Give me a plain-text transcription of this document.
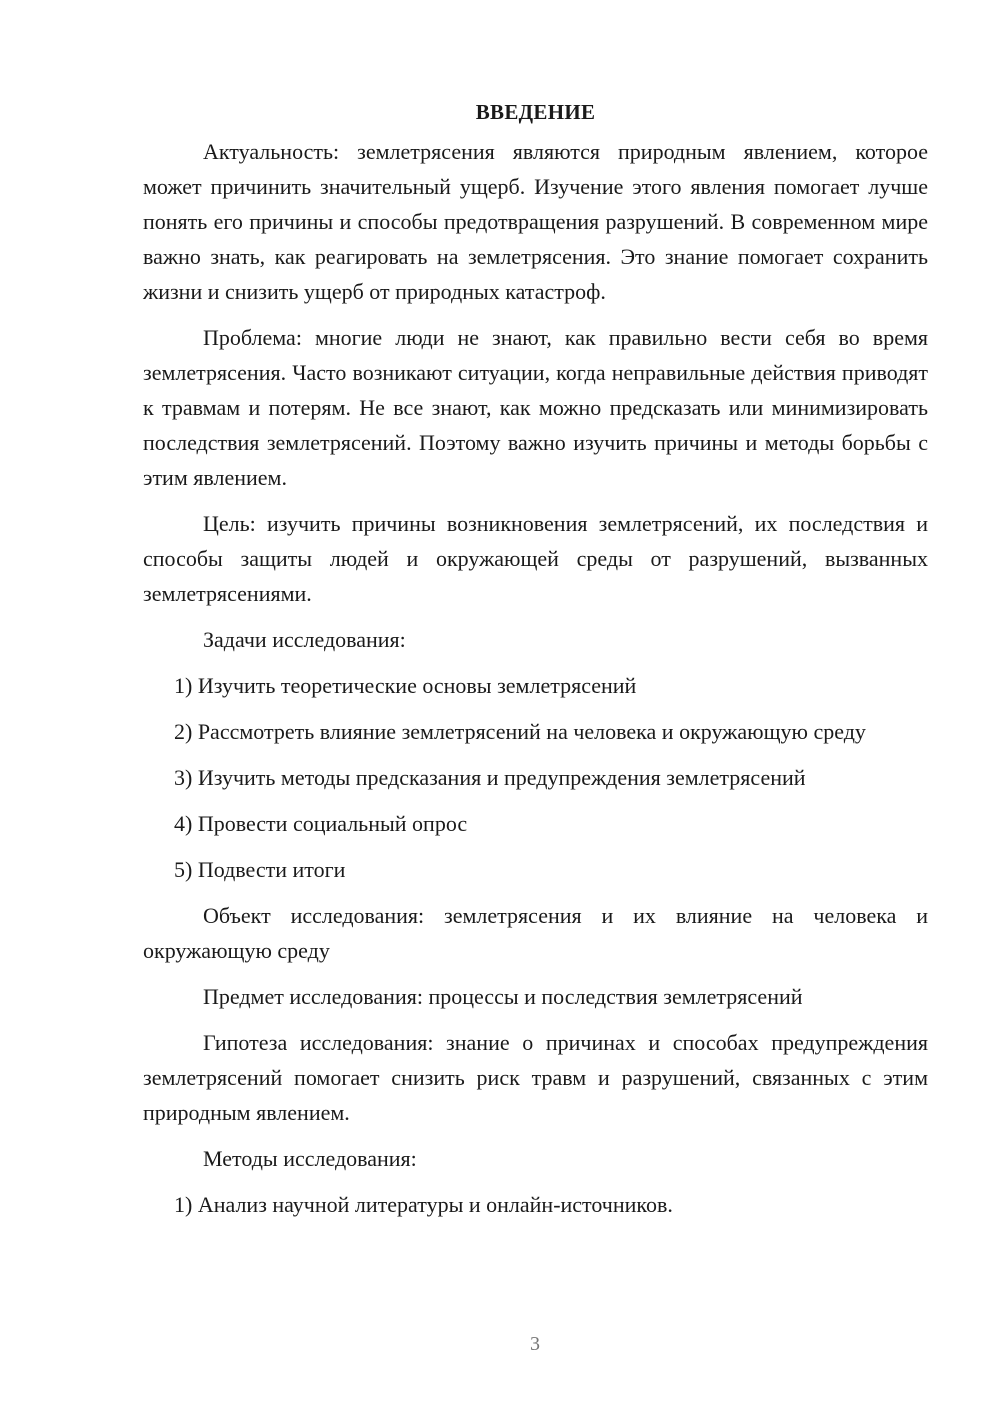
ВВЕДЕНИЕ

Актуальность: землетрясения являются природным явлением, которое может причинить значительный ущерб. Изучение этого явления помогает лучше понять его причины и способы предотвращения разрушений. В современном мире важно знать, как реагировать на землетрясения. Это знание помогает сохранить жизни и снизить ущерб от природных катастроф.

Проблема: многие люди не знают, как правильно вести себя во время землетрясения. Часто возникают ситуации, когда неправильные действия приводят к травмам и потерям. Не все знают, как можно предсказать или минимизировать последствия землетрясений. Поэтому важно изучить причины и методы борьбы с этим явлением.

Цель: изучить причины возникновения землетрясений, их последствия и способы защиты людей и окружающей среды от разрушений, вызванных землетрясениями.

Задачи исследования:

1) Изучить теоретические основы землетрясений

2) Рассмотреть влияние землетрясений на человека и окружающую среду

3) Изучить методы предсказания и предупреждения землетрясений

4) Провести социальный опрос

5) Подвести итоги

Объект исследования: землетрясения и их влияние на человека и окружающую среду

Предмет исследования: процессы и последствия землетрясений

Гипотеза исследования: знание о причинах и способах предупреждения землетрясений помогает снизить риск травм и разрушений, связанных с этим природным явлением.

Методы исследования:

1) Анализ научной литературы и онлайн-источников.

3
